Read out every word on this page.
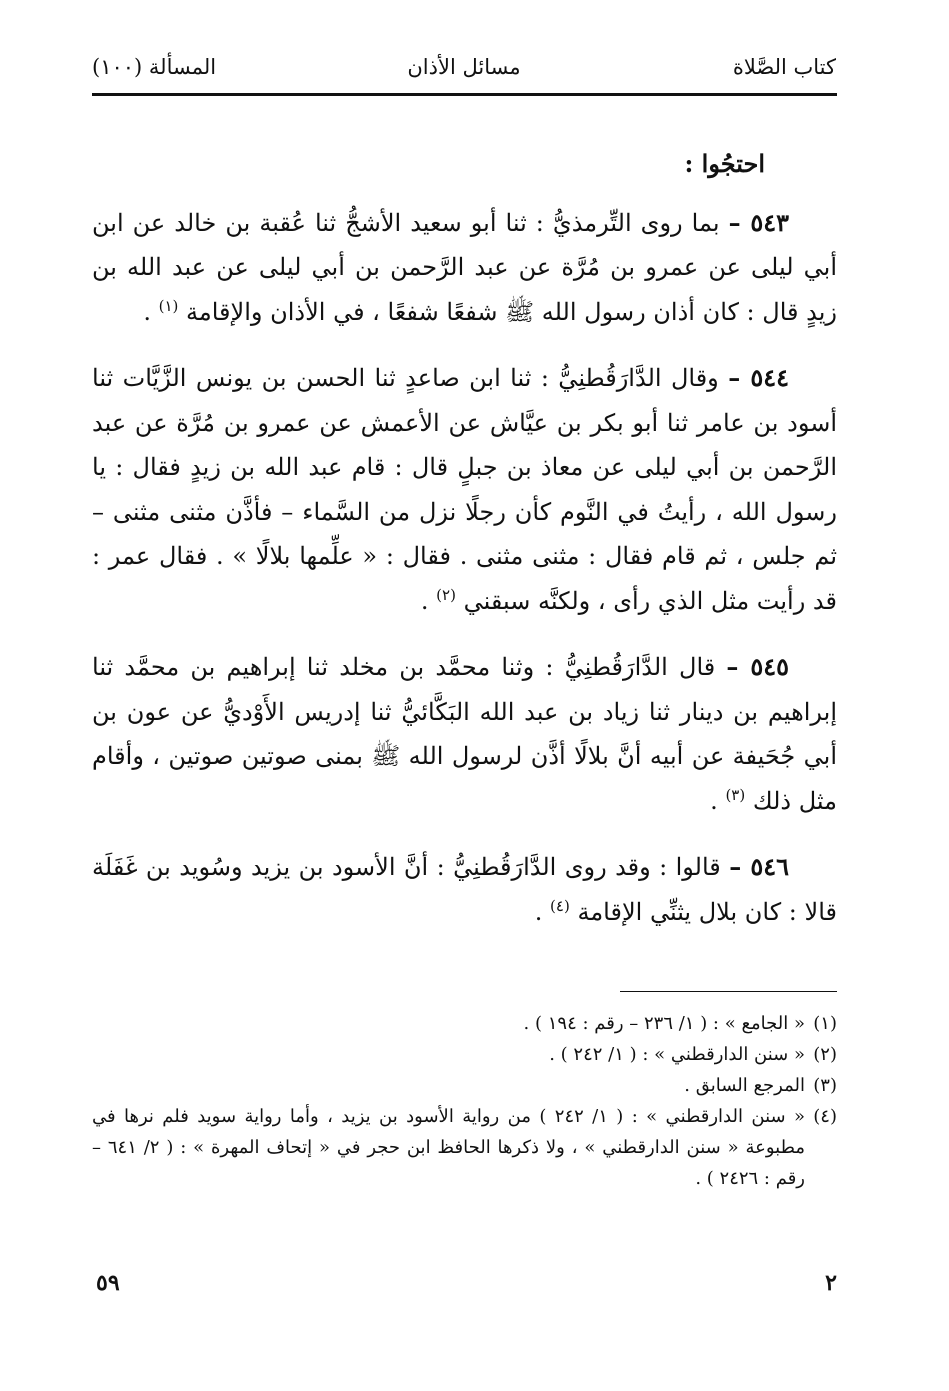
كتاب الصَّلاة
مسائل الأذان
المسألة (١٠٠)

احتجُوا :

٥٤٣ – بما روى التِّرمذيُّ : ثنا أبو سعيد الأشجُّ ثنا عُقبة بن خالد عن ابن أبي ليلى عن عمرو بن مُرَّة عن عبد الرَّحمن بن أبي ليلى عن عبد الله بن زيدٍ قال : كان أذان رسول الله ﷺ شفعًا شفعًا ، في الأذان والإقامة $^{(١)}$ .

٥٤٤ – وقال الدَّارَقُطنِيُّ : ثنا ابن صاعدٍ ثنا الحسن بن يونس الزَّيَّات ثنا أسود بن عامر ثنا أبو بكر بن عيَّاش عن الأعمش عن عمرو بن مُرَّة عن عبد الرَّحمن بن أبي ليلى عن معاذ بن جبلٍ قال : قام عبد الله بن زيدٍ فقال : يا رسول الله ، رأيتُ في النَّوم كأن رجلًا نزل من السَّماء – فأذَّن مثنى مثنى – ثم جلس ، ثم قام فقال : مثنى مثنى . فقال : « علِّمها بلالًا » . فقال عمر : قد رأيت مثل الذي رأى ، ولكنَّه سبقني $^{(٢)}$ .

٥٤٥ – قال الدَّارَقُطنِيُّ : وثنا محمَّد بن مخلد ثنا إبراهيم بن محمَّد ثنا إبراهيم بن دينار ثنا زياد بن عبد الله البَكَّائيُّ ثنا إدريس الأَوْديُّ عن عون بن أبي جُحَيفة عن أبيه أنَّ بلالًا أذَّن لرسول الله ﷺ بمنى صوتين صوتين ، وأقام مثل ذلك $^{(٣)}$ .

٥٤٦ – قالوا : وقد روى الدَّارَقُطنِيُّ : أنَّ الأسود بن يزيد وسُويد بن غَفَلَة قالا : كان بلال يثنِّي الإقامة $^{(٤)}$ .

(١)
« الجامع » : ( ١/ ٢٣٦ – رقم : ١٩٤ ) .
(٢)
« سنن الدارقطني » : ( ١/ ٢٤٢ ) .
(٣)
المرجع السابق .
(٤)
« سنن الدارقطني » : ( ١/ ٢٤٢ ) من رواية الأسود بن يزيد ، وأما رواية سويد فلم نرها في مطبوعة « سنن الدارقطني » ، ولا ذكرها الحافظ ابن حجر في « إتحاف المهرة » : ( ٢/ ٦٤١ – رقم : ٢٤٢٦ ) .
٢
٥٩
